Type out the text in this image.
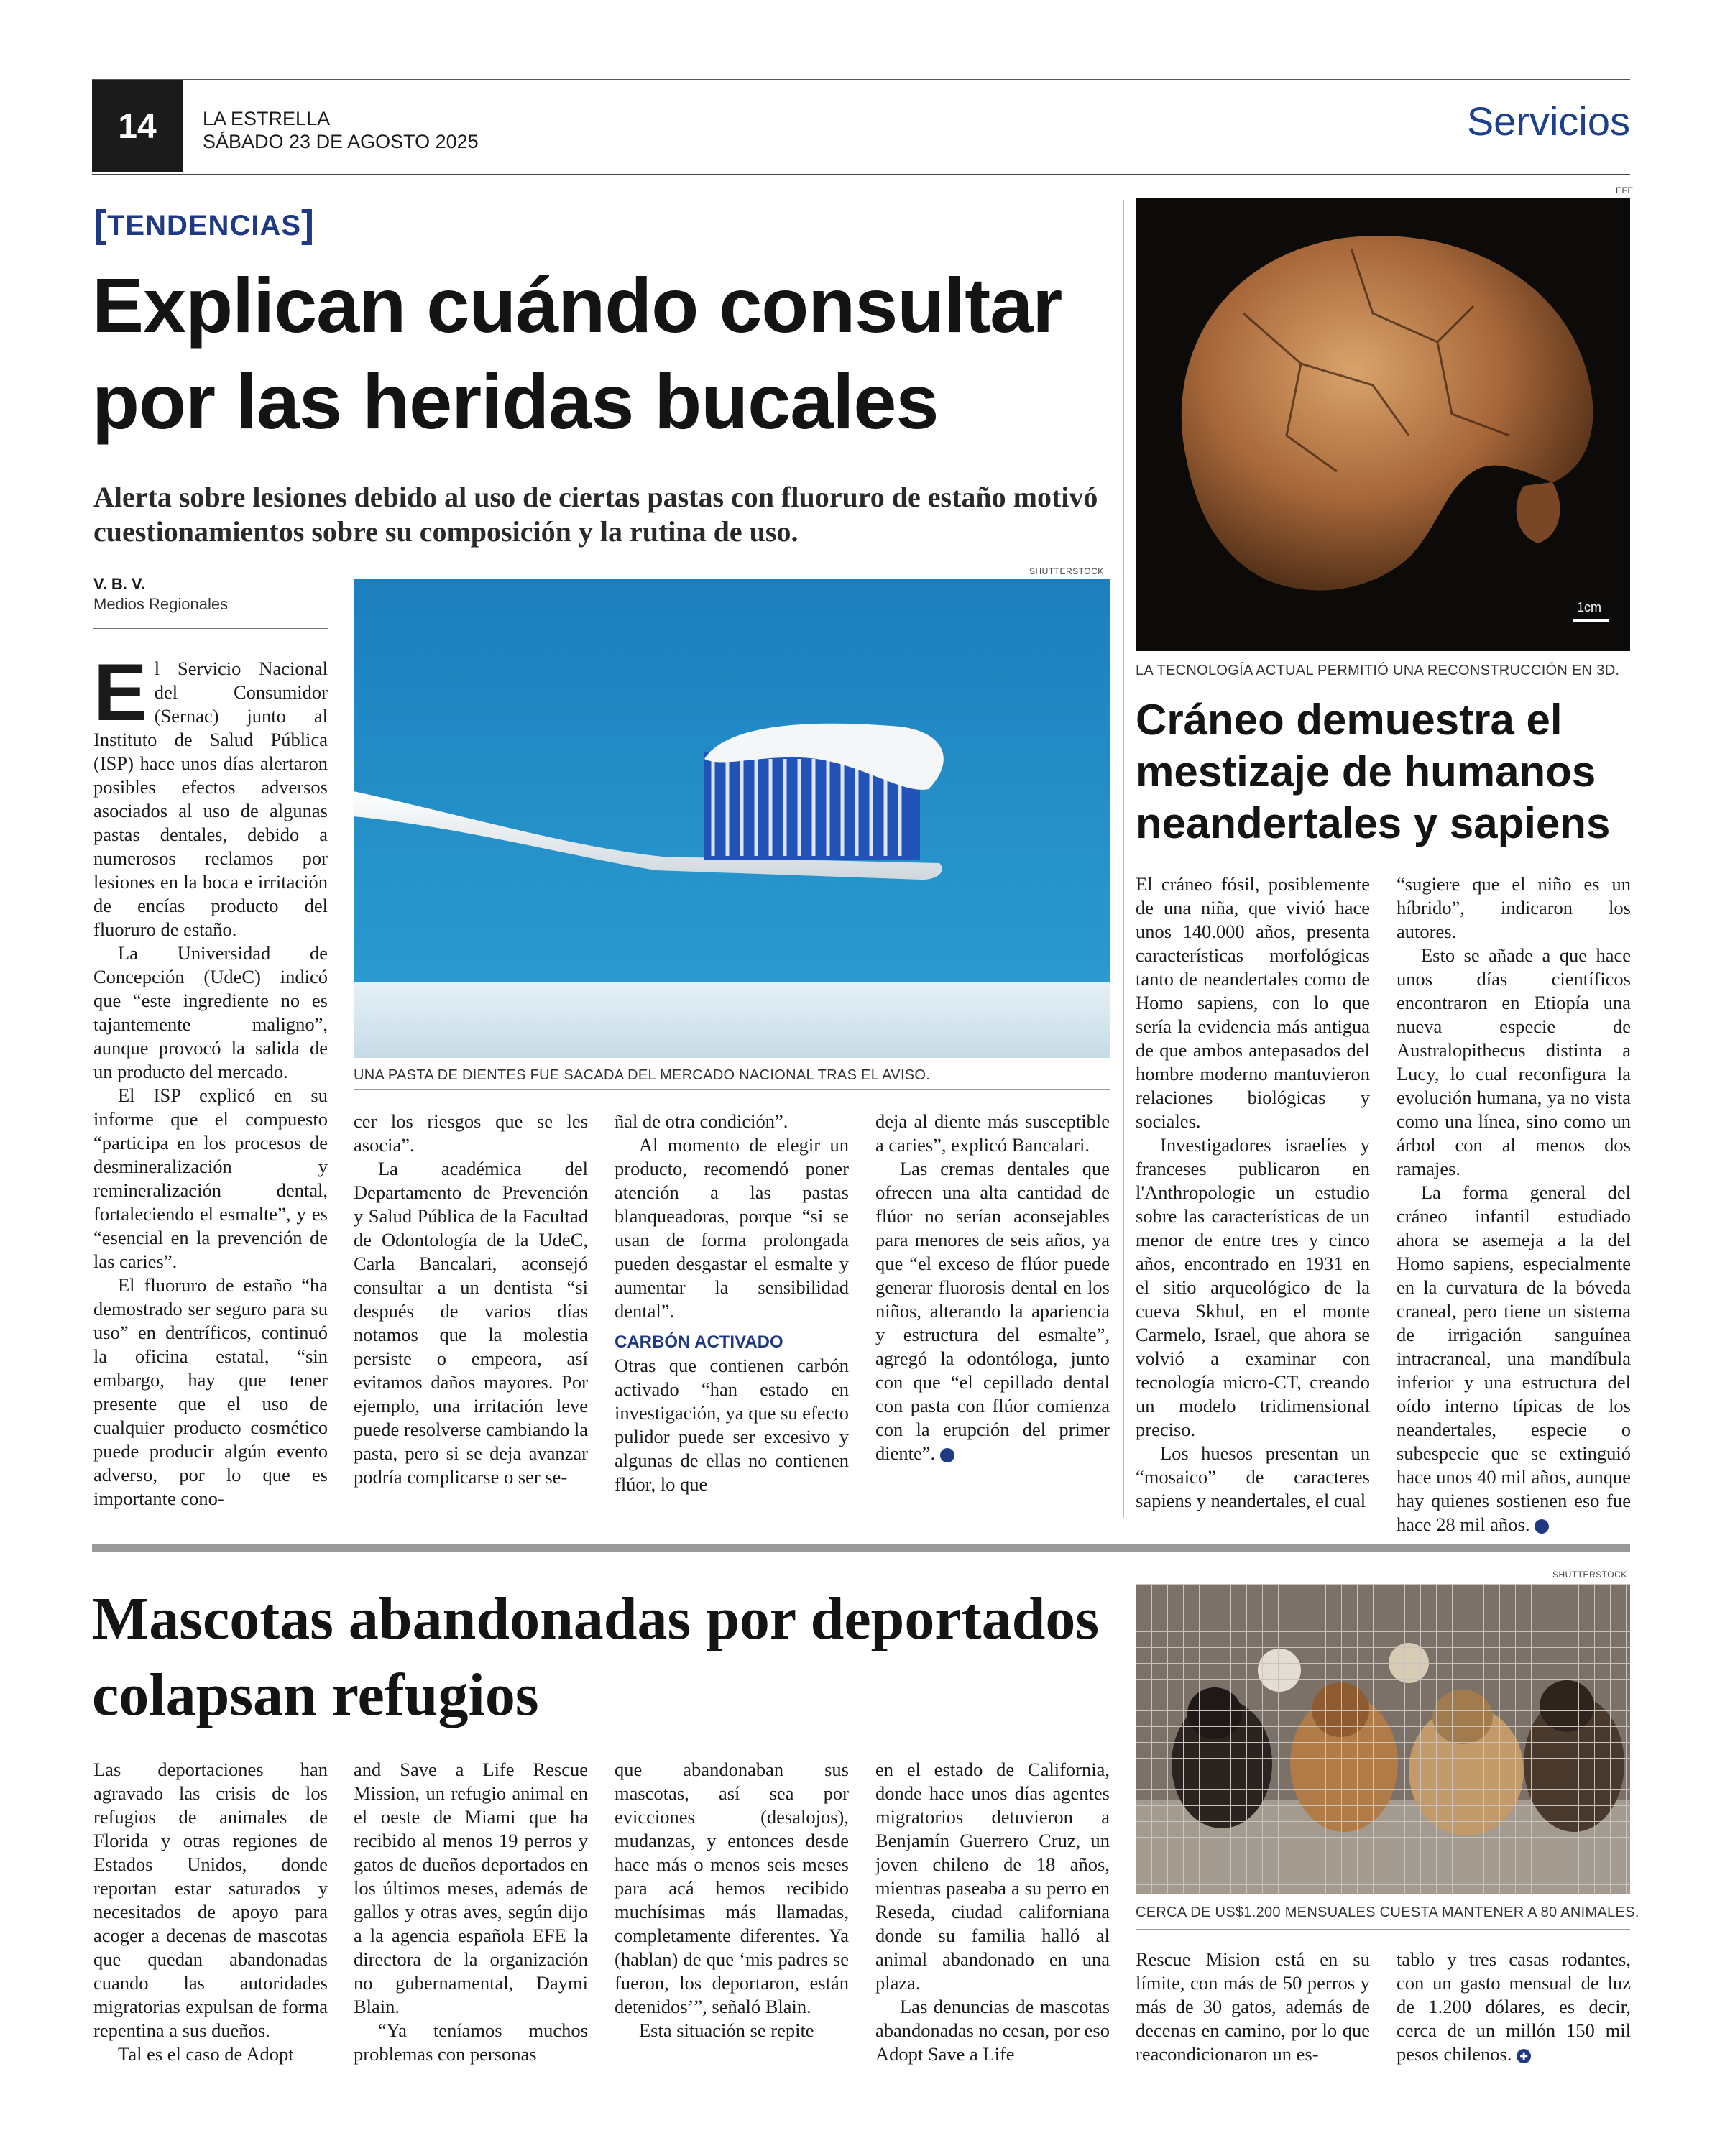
14 LA ESTRELLA
SÁBADO 23 DE AGOSTO 2025	Servicios
[TENDENCIAS]
Explican cuándo consultar por las heridas bucales
Alerta sobre lesiones debido al uso de ciertas pastas con fluoruro de estaño motivó cuestionamientos sobre su composición y la rutina de uso.
V. B. V.
Medios Regionales
SHUTTERSTOCK
UNA PASTA DE DIENTES FUE SACADA DEL MERCADO NACIONAL TRAS EL AVISO.
E l Servicio Nacional del Consumidor (Sernac) junto al Instituto de Salud Pública (ISP) hace unos días alertaron posibles efectos adversos asociados al uso de algunas pastas dentales, debido a numerosos reclamos por lesiones en la boca e irritación de encías producto del fluoruro de estaño.

La Universidad de Concepción (UdeC) indicó que “este ingrediente no es tajantemente maligno”, aunque provocó la salida de un producto del mercado.

El ISP explicó en su informe que el compuesto “participa en los procesos de desmineralización y remineralización dental, fortaleciendo el esmalte”, y es “esencial en la prevención de las caries”.

El fluoruro de estaño “ha demostrado ser seguro para su uso” en dentríficos, continuó la oficina estatal, “sin embargo, hay que tener presente que el uso de cualquier producto cosmético puede producir algún evento adverso, por lo que es importante cono-

cer los riesgos que se les asocia”.

La académica del Departamento de Prevención y Salud Pública de la Facultad de Odontología de la UdeC, Carla Bancalari, aconsejó consultar a un dentista “si después de varios días notamos que la molestia persiste o empeora, así evitamos daños mayores. Por ejemplo, una irritación leve puede resolverse cambiando la pasta, pero si se deja avanzar podría complicarse o ser se-

ñal de otra condición”.

Al momento de elegir un producto, recomendó poner atención a las pastas blanqueadoras, porque “si se usan de forma prolongada pueden desgastar el esmalte y aumentar la sensibilidad dental”.

CARBÓN ACTIVADO

Otras que contienen carbón activado “han estado en investigación, ya que su efecto pulidor puede ser excesivo y algunas de ellas no contienen flúor, lo que

deja al diente más susceptible a caries”, explicó Bancalari.

Las cremas dentales que ofrecen una alta cantidad de flúor no serían aconsejables para menores de seis años, ya que “el exceso de flúor puede generar fluorosis dental en los niños, alterando la apariencia y estructura del esmalte”, agregó la odontóloga, junto con que “el cepillado dental con pasta con flúor comienza con la erupción del primer diente”.	✚

EFE
1cm
LA TECNOLOGÍA ACTUAL PERMITIÓ UNA RECONSTRUCCIÓN EN 3D.
Cráneo demuestra el mestizaje de humanos neandertales y sapiens

El cráneo fósil, posiblemente de una niña, que vivió hace unos 140.000 años, presenta características morfológicas tanto de neandertales como de Homo sapiens, con lo que sería la evidencia más antigua de que ambos antepasados del hombre moderno mantuvieron relaciones biológicas y sociales.

Investigadores israelíes y franceses publicaron en l'Anthropologie un estudio sobre las características de un menor de entre tres y cinco años, encontrado en 1931 en el sitio arqueológico de la cueva Skhul, en el monte Carmelo, Israel, que ahora se volvió a examinar con tecnología micro-CT, creando un modelo tridimensional preciso.

Los huesos presentan un “mosaico” de caracteres sapiens y neandertales, el cual

“sugiere que el niño es un híbrido”, indicaron los autores.

Esto se añade a que hace unos días científicos encontraron en Etiopía una nueva especie de Australopithecus distinta a Lucy, lo cual reconfigura la evolución humana, ya no vista como una línea, sino como un árbol con al menos dos ramajes.

La forma general del cráneo infantil estudiado ahora se asemeja a la del Homo sapiens, especialmente en la curvatura de la bóveda craneal, pero tiene un sistema de irrigación sanguínea intracraneal, una mandíbula inferior y una estructura del oído interno típicas de los neandertales, especie o subespecie que se extinguió hace unos 40 mil años, aunque hay quienes sostienen eso fue hace 28 mil años.	✚

Mascotas abandonadas por deportados colapsan refugios

Las deportaciones han agravado las crisis de los refugios de animales de Florida y otras regiones de Estados Unidos, donde reportan estar saturados y necesitados de apoyo para acoger a decenas de mascotas que quedan abandonadas cuando las autoridades migratorias expulsan de forma repentina a sus dueños.

Tal es el caso de Adopt

and Save a Life Rescue Mission, un refugio animal en el oeste de Miami que ha recibido al menos 19 perros y gatos de dueños deportados en los últimos meses, además de gallos y otras aves, según dijo a la agencia española EFE la directora de la organización no gubernamental, Daymi Blain.

“Ya teníamos muchos problemas con personas

que abandonaban sus mascotas, así sea por evicciones (desalojos), mudanzas, y entonces desde hace más o menos seis meses para acá hemos recibido muchísimas más llamadas, completamente diferentes. Ya (hablan) de que ‘mis padres se fueron, los deportaron, están detenidos’”, señaló Blain.

Esta situación se repite

en el estado de California, donde hace unos días agentes migratorios detuvieron a Benjamín Guerrero Cruz, un joven chileno de 18 años, mientras paseaba a su perro en Reseda, ciudad californiana donde su familia halló al animal abandonado en una plaza.

Las denuncias de mascotas abandonadas no cesan, por eso Adopt Save a Life

SHUTTERSTOCK
CERCA DE US$1.200 MENSUALES CUESTA MANTENER A 80 ANIMALES.

Rescue Mision está en su límite, con más de 50 perros y más de 30 gatos, además de decenas en camino, por lo que reacondicionaron un es-

tablo y tres casas rodantes, con un gasto mensual de luz de 1.200 dólares, es decir, cerca de un millón 150 mil pesos chilenos. ✚
